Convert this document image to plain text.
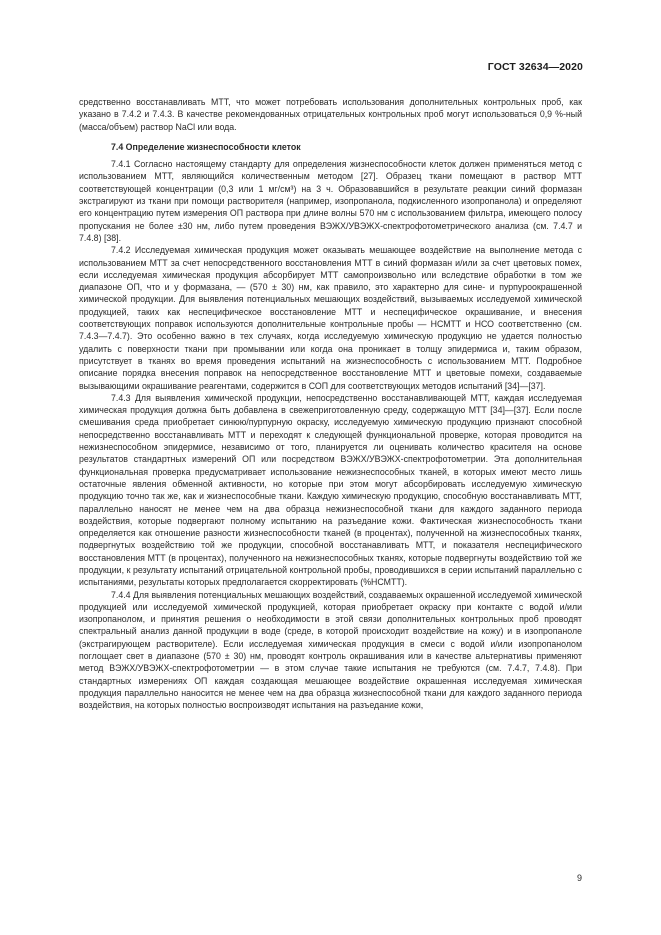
ГОСТ 32634—2020

средственно восстанавливать МТТ, что может потребовать использования дополнительных контрольных проб, как указано в 7.4.2 и 7.4.3. В качестве рекомендованных отрицательных контрольных проб могут использоваться 0,9 %-ный (масса/объем) раствор NaCl или вода.

7.4 Определение жизнеспособности клеток

7.4.1 Согласно настоящему стандарту для определения жизнеспособности клеток должен применяться метод с использованием МТТ, являющийся количественным методом [27]. Образец ткани помещают в раствор МТТ соответствующей концентрации (0,3 или 1 мг/см³) на 3 ч. Образовавшийся в результате реакции синий формазан экстрагируют из ткани при помощи растворителя (например, изопропанола, подкисленного изопропанола) и определяют его концентрацию путем измерения ОП раствора при длине волны 570 нм с использованием фильтра, имеющего полосу пропускания не более ±30 нм, либо путем проведения ВЭЖХ/УВЭЖХ-спектрофотометрического анализа (см. 7.4.7 и 7.4.8) [38].

7.4.2 Исследуемая химическая продукция может оказывать мешающее воздействие на выполнение метода с использованием МТТ за счет непосредственного восстановления МТТ в синий формазан и/или за счет цветовых помех, если исследуемая химическая продукция абсорбирует МТТ самопроизвольно или вследствие обработки в том же диапазоне ОП, что и у формазана, — (570 ± 30) нм, как правило, это характерно для сине- и пурпуроокрашенной химической продукции. Для выявления потенциальных мешающих воздействий, вызываемых исследуемой химической продукцией, таких как неспецифическое восстановление МТТ и неспецифическое окрашивание, и внесения соответствующих поправок используются дополнительные контрольные пробы — НСМТТ и НСО соответственно (см. 7.4.3—7.4.7). Это особенно важно в тех случаях, когда исследуемую химическую продукцию не удается полностью удалить с поверхности ткани при промывании или когда она проникает в толщу эпидермиса и, таким образом, присутствует в тканях во время проведения испытаний на жизнеспособность с использованием МТТ. Подробное описание порядка внесения поправок на непосредственное восстановление МТТ и цветовые помехи, создаваемые вызывающими окрашивание реагентами, содержится в СОП для соответствующих методов испытаний [34]—[37].

7.4.3 Для выявления химической продукции, непосредственно восстанавливающей МТТ, каждая исследуемая химическая продукция должна быть добавлена в свежеприготовленную среду, содержащую МТТ [34]—[37]. Если после смешивания среда приобретает синюю/пурпурную окраску, исследуемую химическую продукцию признают способной непосредственно восстанавливать МТТ и переходят к следующей функциональной проверке, которая проводится на нежизнеспособном эпидермисе, независимо от того, планируется ли оценивать количество красителя на основе результатов стандартных измерений ОП или посредством ВЭЖХ/УВЭЖХ-спектрофотометрии. Эта дополнительная функциональная проверка предусматривает использование нежизнеспособных тканей, в которых имеют место лишь остаточные явления обменной активности, но которые при этом могут абсорбировать исследуемую химическую продукцию точно так же, как и жизнеспособные ткани. Каждую химическую продукцию, способную восстанавливать МТТ, параллельно наносят не менее чем на два образца нежизнеспособной ткани для каждого заданного периода воздействия, которые подвергают полному испытанию на разъедание кожи. Фактическая жизнеспособность ткани определяется как отношение разности жизнеспособности тканей (в процентах), полученной на жизнеспособных тканях, подвергнутых воздействию той же продукции, способной восстанавливать МТТ, и показателя неспецифического восстановления МТТ (в процентах), полученного на нежизнеспособных тканях, которые подвергнуты воздействию той же продукции, к результату испытаний отрицательной контрольной пробы, проводившихся в серии испытаний параллельно с испытаниями, результаты которых предполагается скорректировать (%НСМТТ).

7.4.4 Для выявления потенциальных мешающих воздействий, создаваемых окрашенной исследуемой химической продукцией или исследуемой химической продукцией, которая приобретает окраску при контакте с водой и/или изопропанолом, и принятия решения о необходимости в этой связи дополнительных контрольных проб проводят спектральный анализ данной продукции в воде (среде, в которой происходит воздействие на кожу) и в изопропаноле (экстрагирующем растворителе). Если исследуемая химическая продукция в смеси с водой и/или изопропанолом поглощает свет в диапазоне (570 ± 30) нм, проводят контроль окрашивания или в качестве альтернативы применяют метод ВЭЖХ/УВЭЖХ-спектрофотометрии — в этом случае такие испытания не требуются (см. 7.4.7, 7.4.8). При стандартных измерениях ОП каждая создающая мешающее воздействие окрашенная исследуемая химическая продукция параллельно наносится не менее чем на два образца жизнеспособной ткани для каждого заданного периода воздействия, на которых полностью воспроизводят испытания на разъедание кожи,

9
